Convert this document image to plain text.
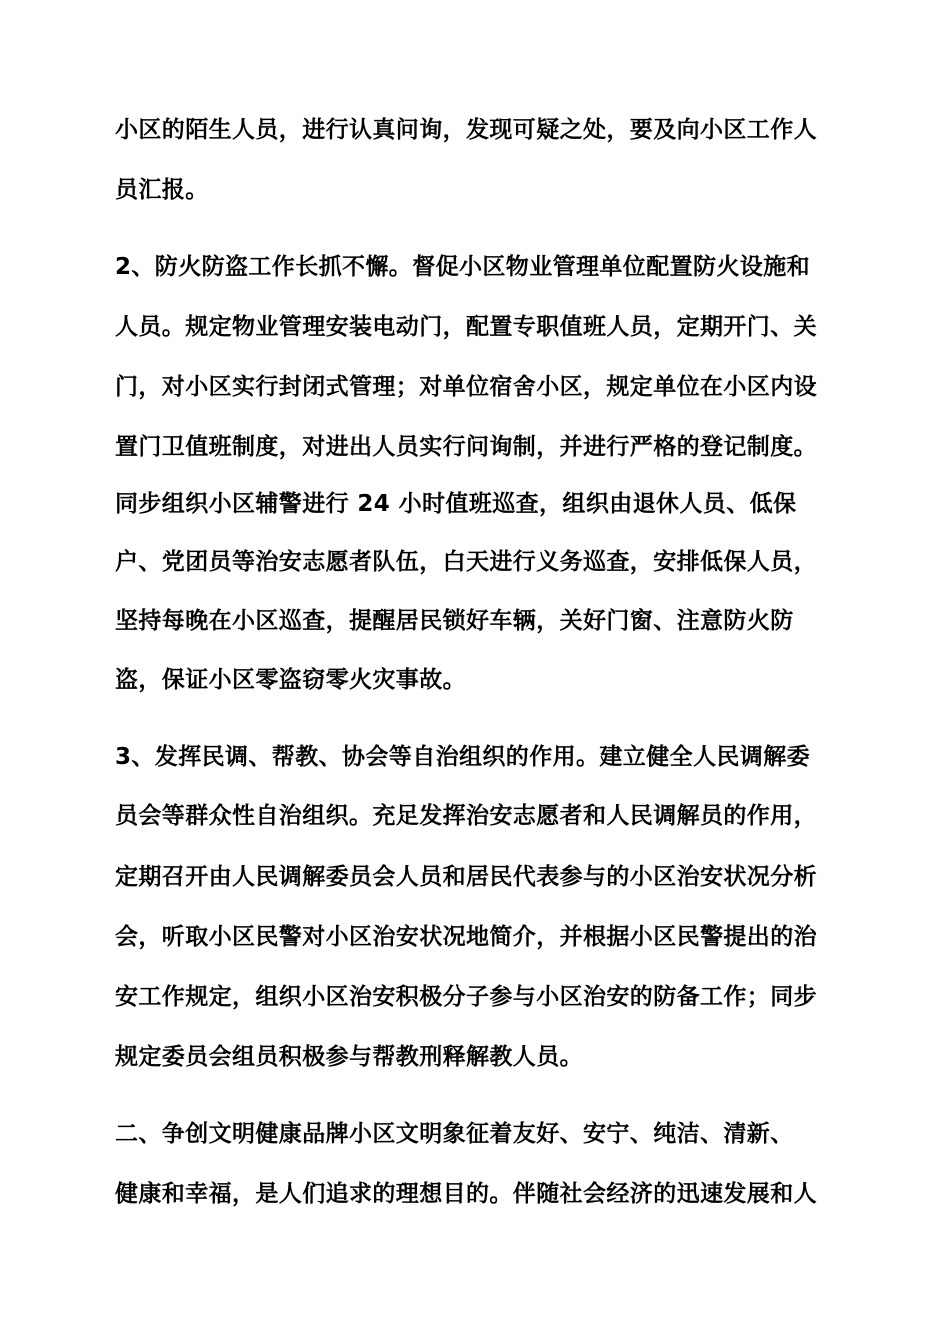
小区的陌生人员，进行认真问询，发现可疑之处，要及向小区工作人
员汇报。
2、防火防盗工作长抓不懈。督促小区物业管理单位配置防火设施和
人员。规定物业管理安装电动门，配置专职值班人员，定期开门、关
门，对小区实行封闭式管理；对单位宿舍小区，规定单位在小区内设
置门卫值班制度，对进出人员实行问询制，并进行严格的登记制度。
同步组织小区辅警进行 24 小时值班巡查，组织由退休人员、低保
户、党团员等治安志愿者队伍，白天进行义务巡查，安排低保人员，
坚持每晚在小区巡查，提醒居民锁好车辆，关好门窗、注意防火防
盗，保证小区零盗窃零火灾事故。
3、发挥民调、帮教、协会等自治组织的作用。建立健全人民调解委
员会等群众性自治组织。充足发挥治安志愿者和人民调解员的作用，
定期召开由人民调解委员会人员和居民代表参与的小区治安状况分析
会，听取小区民警对小区治安状况地简介，并根据小区民警提出的治
安工作规定，组织小区治安积极分子参与小区治安的防备工作；同步
规定委员会组员积极参与帮教刑释解教人员。
二、争创文明健康品牌小区文明象征着友好、安宁、纯洁、清新、
健康和幸福，是人们追求的理想目的。伴随社会经济的迅速发展和人
